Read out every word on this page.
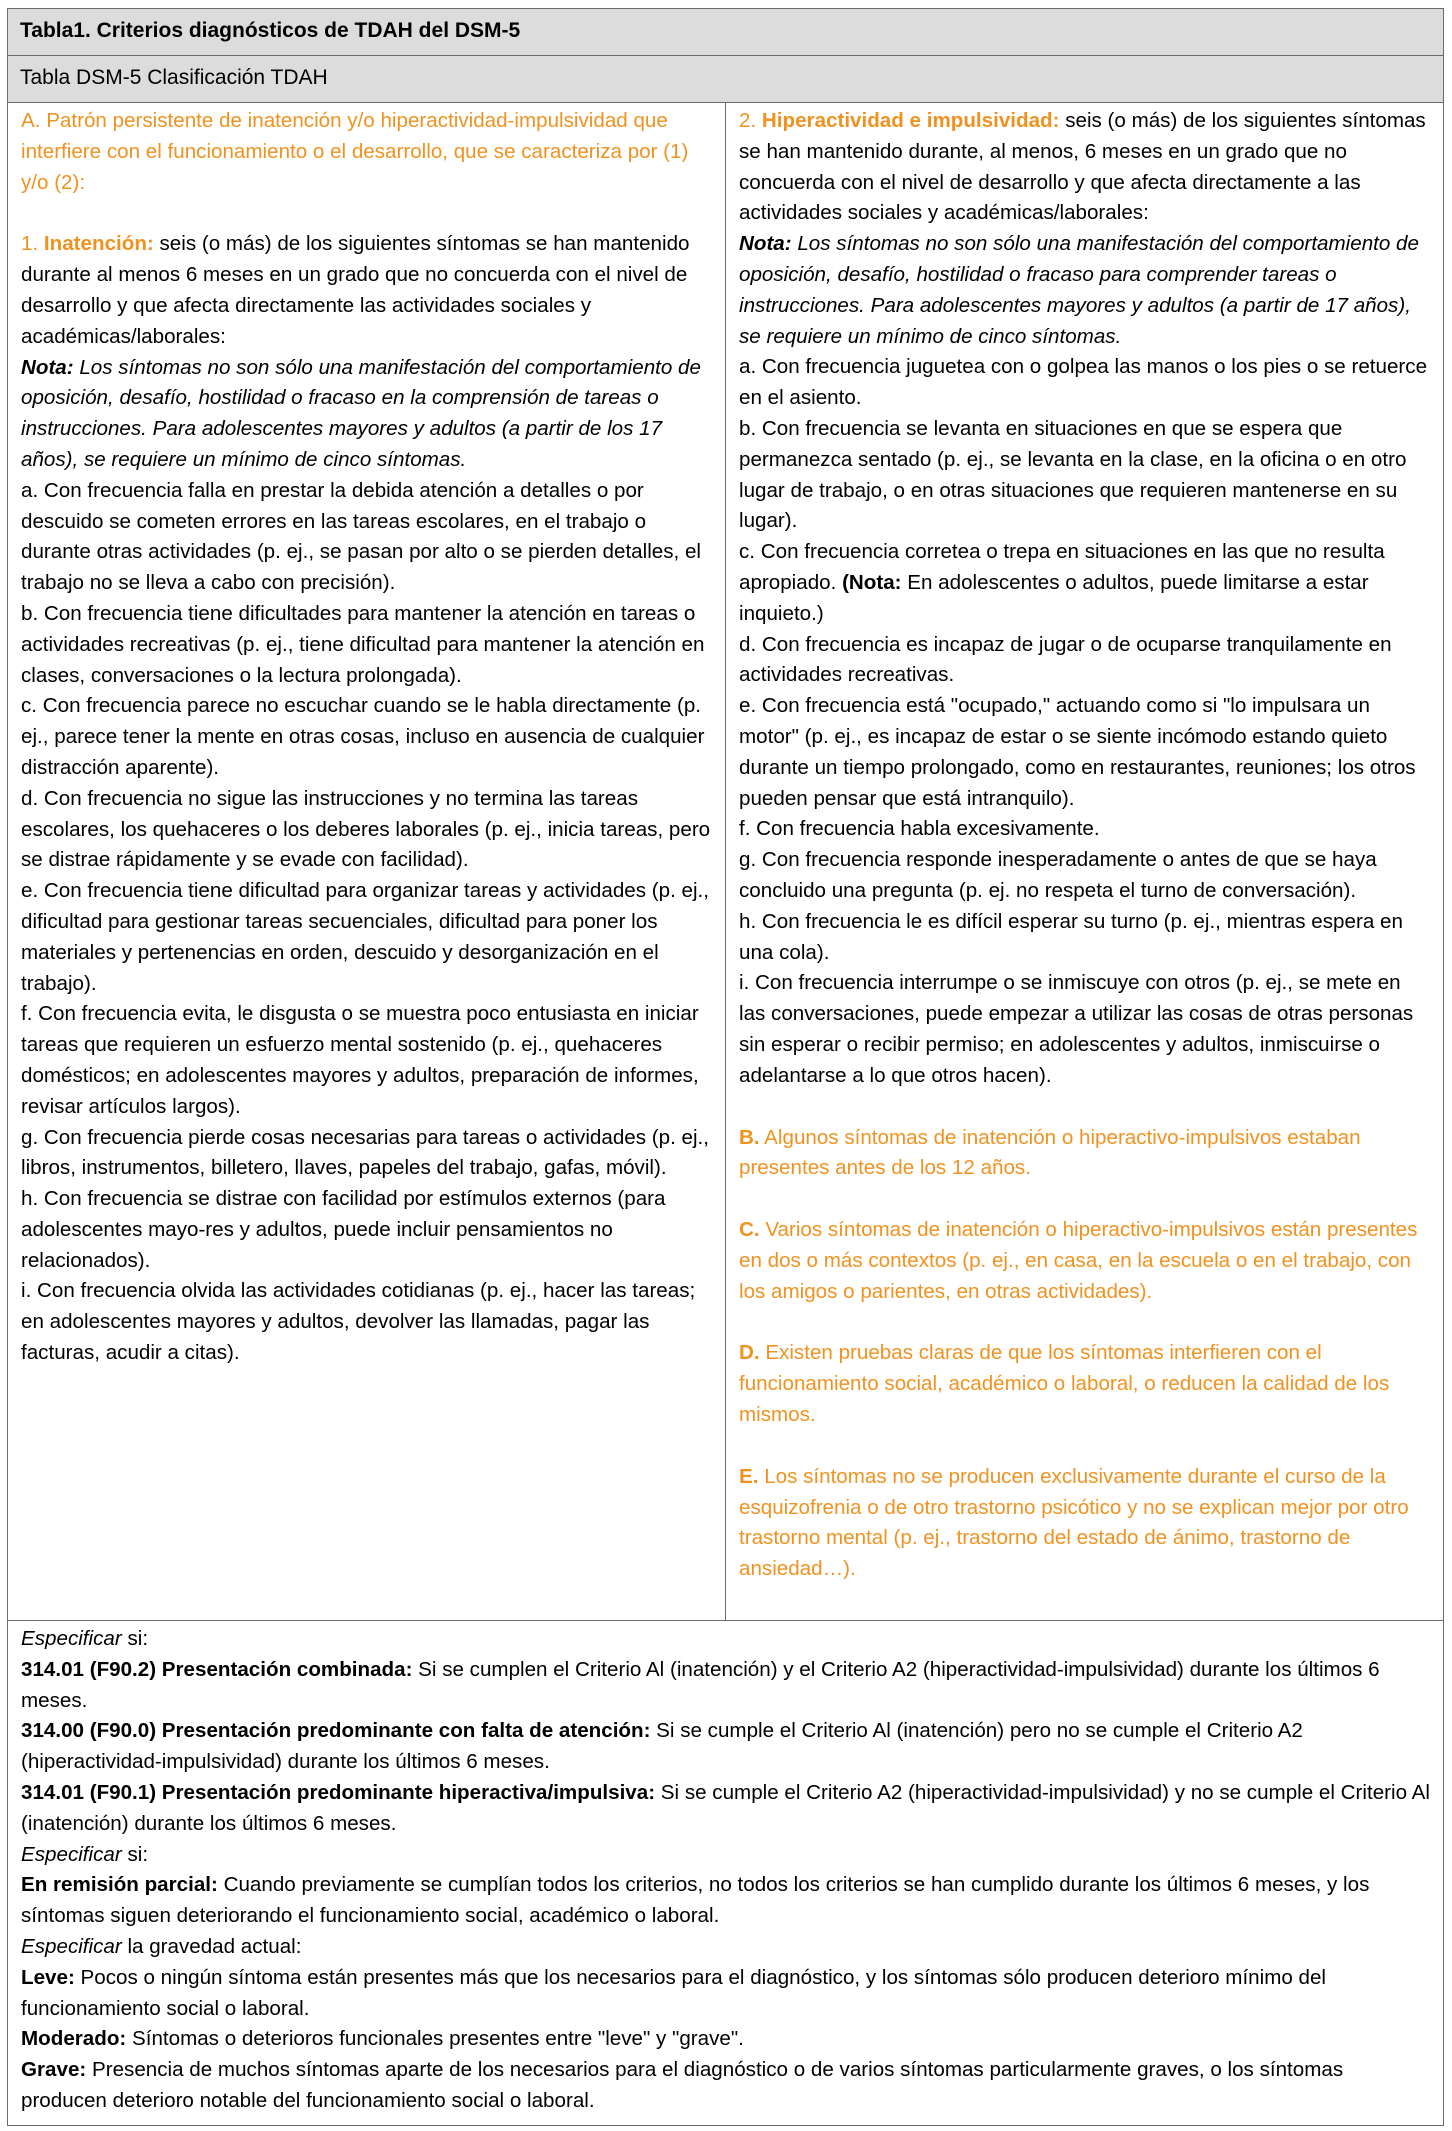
Tabla1. Criterios diagnósticos de TDAH del DSM-5

Tabla DSM-5 Clasificación TDAH

A. Patrón persistente de inatención y/o hiperactividad-impulsividad que interfiere con el funcionamiento o el desarrollo, que se caracteriza por (1) y/o (2):

1. Inatención: seis (o más) de los siguientes síntomas se han mantenido durante al menos 6 meses en un grado que no concuerda con el nivel de desarrollo y que afecta directamente las actividades sociales y académicas/laborales:

Nota: Los síntomas no son sólo una manifestación del comportamiento de oposición, desafío, hostilidad o fracaso en la comprensión de tareas o instrucciones. Para adolescentes mayores y adultos (a partir de los 17 años), se requiere un mínimo de cinco síntomas.

a. Con frecuencia falla en prestar la debida atención a detalles o por descuido se cometen errores en las tareas escolares, en el trabajo o durante otras actividades (p. ej., se pasan por alto o se pierden detalles, el trabajo no se lleva a cabo con precisión).

b. Con frecuencia tiene dificultades para mantener la atención en tareas o actividades recreativas (p. ej., tiene dificultad para mantener la atención en clases, conversaciones o la lectura prolongada).

c. Con frecuencia parece no escuchar cuando se le habla directamente (p. ej., parece tener la mente en otras cosas, incluso en ausencia de cualquier distracción aparente).

d. Con frecuencia no sigue las instrucciones y no termina las tareas escolares, los quehaceres o los deberes laborales (p. ej., inicia tareas, pero se distrae rápidamente y se evade con facilidad).

e. Con frecuencia tiene dificultad para organizar tareas y actividades (p. ej., dificultad para gestionar tareas secuenciales, dificultad para poner los materiales y pertenencias en orden, descuido y desorganización en el trabajo).

f. Con frecuencia evita, le disgusta o se muestra poco entusiasta en iniciar tareas que requieren un esfuerzo mental sostenido (p. ej., quehaceres domésticos; en adolescentes mayores y adultos, preparación de informes, revisar artículos largos).

g. Con frecuencia pierde cosas necesarias para tareas o actividades (p. ej., libros, instrumentos, billetero, llaves, papeles del trabajo, gafas, móvil).

h. Con frecuencia se distrae con facilidad por estímulos externos (para adolescentes mayo-res y adultos, puede incluir pensamientos no relacionados).

i. Con frecuencia olvida las actividades cotidianas (p. ej., hacer las tareas; en adolescentes mayores y adultos, devolver las llamadas, pagar las facturas, acudir a citas).

2. Hiperactividad e impulsividad: seis (o más) de los siguientes síntomas se han mantenido durante, al menos, 6 meses en un grado que no concuerda con el nivel de desarrollo y que afecta directamente a las actividades sociales y académicas/laborales:

Nota: Los síntomas no son sólo una manifestación del comportamiento de oposición, desafío, hostilidad o fracaso para comprender tareas o instrucciones. Para adolescentes mayores y adultos (a partir de 17 años), se requiere un mínimo de cinco síntomas.

a. Con frecuencia juguetea con o golpea las manos o los pies o se retuerce en el asiento.

b. Con frecuencia se levanta en situaciones en que se espera que permanezca sentado (p. ej., se levanta en la clase, en la oficina o en otro lugar de trabajo, o en otras situaciones que requieren mantenerse en su lugar).

c. Con frecuencia corretea o trepa en situaciones en las que no resulta apropiado. (Nota: En adolescentes o adultos, puede limitarse a estar inquieto.)

d. Con frecuencia es incapaz de jugar o de ocuparse tranquilamente en actividades recreativas.

e. Con frecuencia está "ocupado," actuando como si "lo impulsara un motor" (p. ej., es incapaz de estar o se siente incómodo estando quieto durante un tiempo prolongado, como en restaurantes, reuniones; los otros pueden pensar que está intranquilo).

f. Con frecuencia habla excesivamente.

g. Con frecuencia responde inesperadamente o antes de que se haya concluido una pregunta (p. ej. no respeta el turno de conversación).

h. Con frecuencia le es difícil esperar su turno (p. ej., mientras espera en una cola).

i. Con frecuencia interrumpe o se inmiscuye con otros (p. ej., se mete en las conversaciones, puede empezar a utilizar las cosas de otras personas sin esperar o recibir permiso; en adolescentes y adultos, inmiscuirse o adelantarse a lo que otros hacen).

B. Algunos síntomas de inatención o hiperactivo-impulsivos estaban presentes antes de los 12 años.

C. Varios síntomas de inatención o hiperactivo-impulsivos están presentes en dos o más contextos (p. ej., en casa, en la escuela o en el trabajo, con los amigos o parientes, en otras actividades).

D. Existen pruebas claras de que los síntomas interfieren con el funcionamiento social, académico o laboral, o reducen la calidad de los mismos.

E. Los síntomas no se producen exclusivamente durante el curso de la esquizofrenia o de otro trastorno psicótico y no se explican mejor por otro trastorno mental (p. ej., trastorno del estado de ánimo, trastorno de ansiedad…).

Especificar si:

314.01 (F90.2) Presentación combinada: Si se cumplen el Criterio Al (inatención) y el Criterio A2 (hiperactividad-impulsividad) durante los últimos 6 meses.

314.00 (F90.0) Presentación predominante con falta de atención: Si se cumple el Criterio Al (inatención) pero no se cumple el Criterio A2 (hiperactividad-impulsividad) durante los últimos 6 meses.

314.01 (F90.1) Presentación predominante hiperactiva/impulsiva: Si se cumple el Criterio A2 (hiperactividad-impulsividad) y no se cumple el Criterio Al (inatención) durante los últimos 6 meses.

Especificar si:

En remisión parcial: Cuando previamente se cumplían todos los criterios, no todos los criterios se han cumplido durante los últimos 6 meses, y los síntomas siguen deteriorando el funcionamiento social, académico o laboral.

Especificar la gravedad actual:

Leve: Pocos o ningún síntoma están presentes más que los necesarios para el diagnóstico, y los síntomas sólo producen deterioro mínimo del funcionamiento social o laboral.

Moderado: Síntomas o deterioros funcionales presentes entre "leve" y "grave".

Grave: Presencia de muchos síntomas aparte de los necesarios para el diagnóstico o de varios síntomas particularmente graves, o los síntomas producen deterioro notable del funcionamiento social o laboral.
